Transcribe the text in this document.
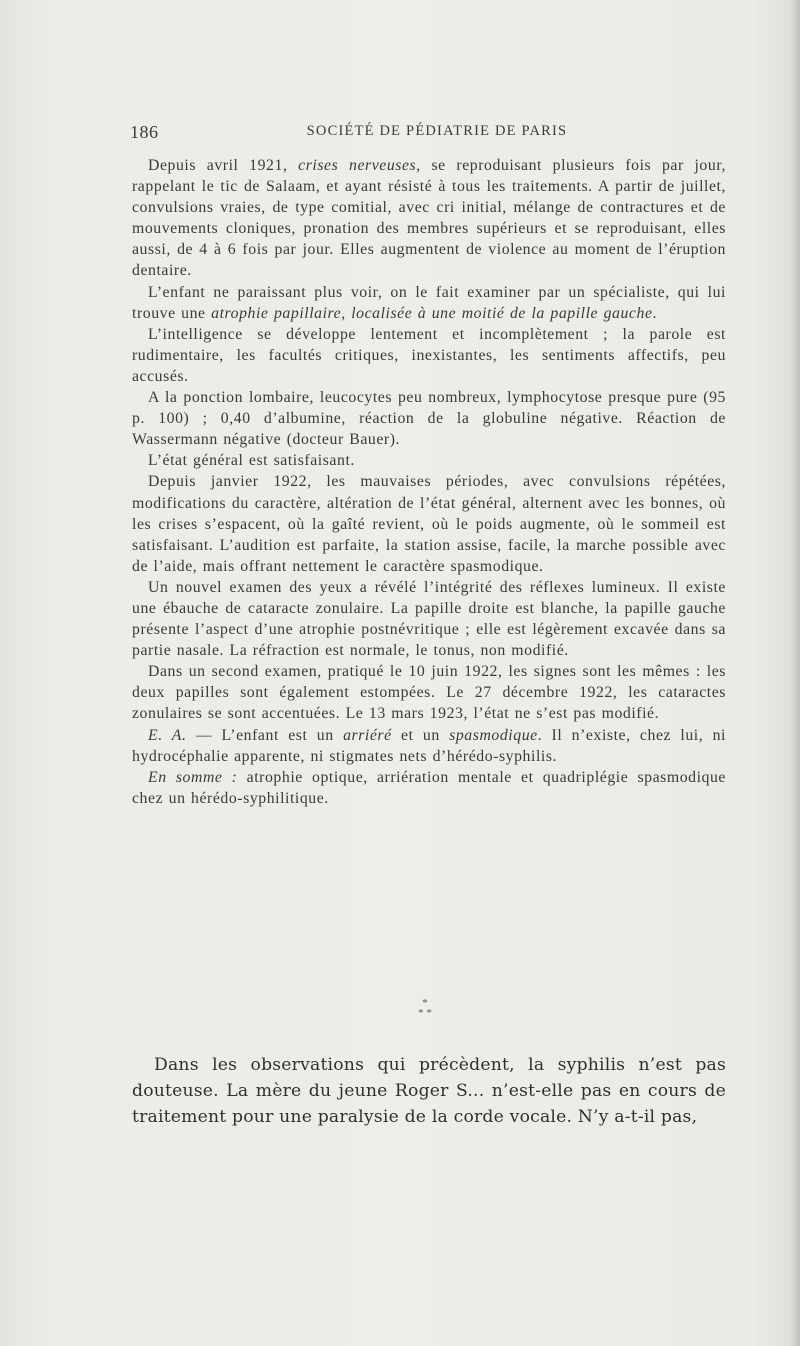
186	SOCIÉTÉ DE PÉDIATRIE DE PARIS

Depuis avril 1921, crises nerveuses, se reproduisant plusieurs fois par jour, rappelant le tic de Salaam, et ayant résisté à tous les traitements. A partir de juillet, convulsions vraies, de type comitial, avec cri initial, mélange de contractures et de mouvements cloniques, pronation des membres supérieurs et se reproduisant, elles aussi, de 4 à 6 fois par jour. Elles augmentent de violence au moment de l’éruption dentaire.

L’enfant ne paraissant plus voir, on le fait examiner par un spécialiste, qui lui trouve une atrophie papillaire, localisée à une moitié de la papille gauche.

L’intelligence se développe lentement et incomplètement ; la parole est rudimentaire, les facultés critiques, inexistantes, les sentiments affectifs, peu accusés.

A la ponction lombaire, leucocytes peu nombreux, lymphocytose presque pure (95 p. 100) ; 0,40 d’albumine, réaction de la globuline négative. Réaction de Wassermann négative (docteur Bauer).

L’état général est satisfaisant.

Depuis janvier 1922, les mauvaises périodes, avec convulsions répétées, modifications du caractère, altération de l’état général, alternent avec les bonnes, où les crises s’espacent, où la gaîté revient, où le poids augmente, où le sommeil est satisfaisant. L’audition est parfaite, la station assise, facile, la marche possible avec de l’aide, mais offrant nettement le caractère spasmodique.

Un nouvel examen des yeux a révélé l’intégrité des réflexes lumineux. Il existe une ébauche de cataracte zonulaire. La papille droite est blanche, la papille gauche présente l’aspect d’une atrophie postnévritique ; elle est légèrement excavée dans sa partie nasale. La réfraction est normale, le tonus, non modifié.

Dans un second examen, pratiqué le 10 juin 1922, les signes sont les mêmes : les deux papilles sont également estompées. Le 27 décembre 1922, les cataractes zonulaires se sont accentuées. Le 13 mars 1923, l’état ne s’est pas modifié.

E. A. — L’enfant est un arriéré et un spasmodique. Il n’existe, chez lui, ni hydrocéphalie apparente, ni stigmates nets d’hérédo-syphilis.

En somme : atrophie optique, arriération mentale et quadriplégie spasmodique chez un hérédo-syphilitique.

*
* *

Dans les observations qui précèdent, la syphilis n’est pas douteuse. La mère du jeune Roger S... n’est-elle pas en cours de traitement pour une paralysie de la corde vocale. N’y a-t-il pas,
